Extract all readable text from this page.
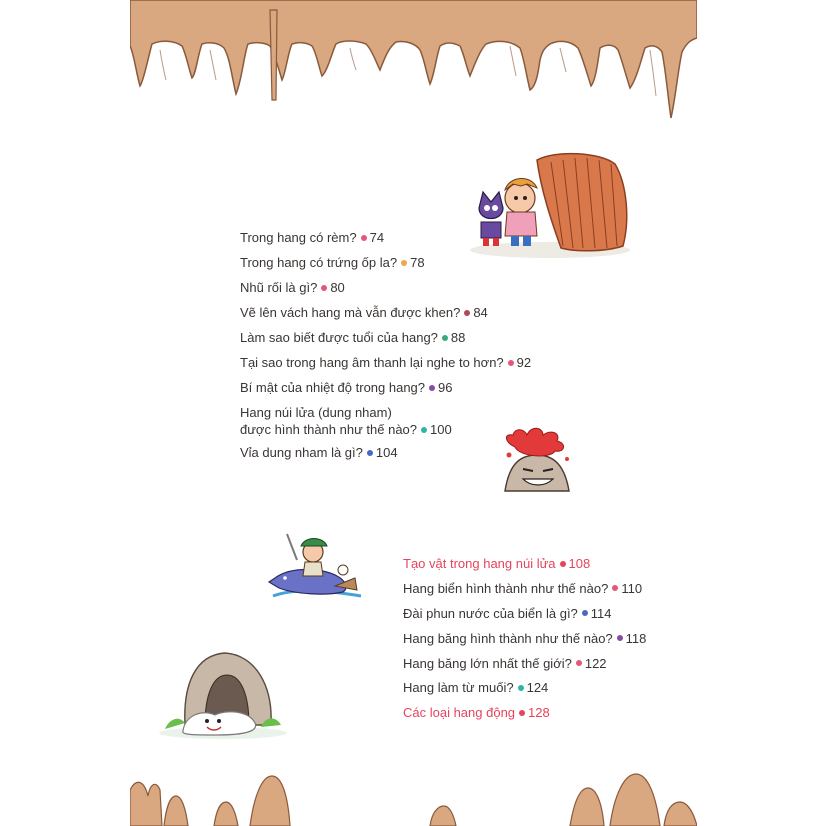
Trong hang có rèm? 74
Trong hang có trứng ốp la? 78
Nhũ rối là gì? 80
Vẽ lên vách hang mà vẫn được khen? 84
Làm sao biết được tuổi của hang? 88
Tại sao trong hang âm thanh lại nghe to hơn? 92
Bí mật của nhiệt độ trong hang? 96
Hang núi lửa (dung nham)
được hình thành như thế nào? 100
Vỉa dung nham là gì? 104
Tạo vật trong hang núi lửa 108
Hang biển hình thành như thế nào? 110
Đài phun nước của biển là gì? 114
Hang băng hình thành như thế nào? 118
Hang băng lớn nhất thế giới? 122
Hang làm từ muối? 124
Các loại hang động 128
